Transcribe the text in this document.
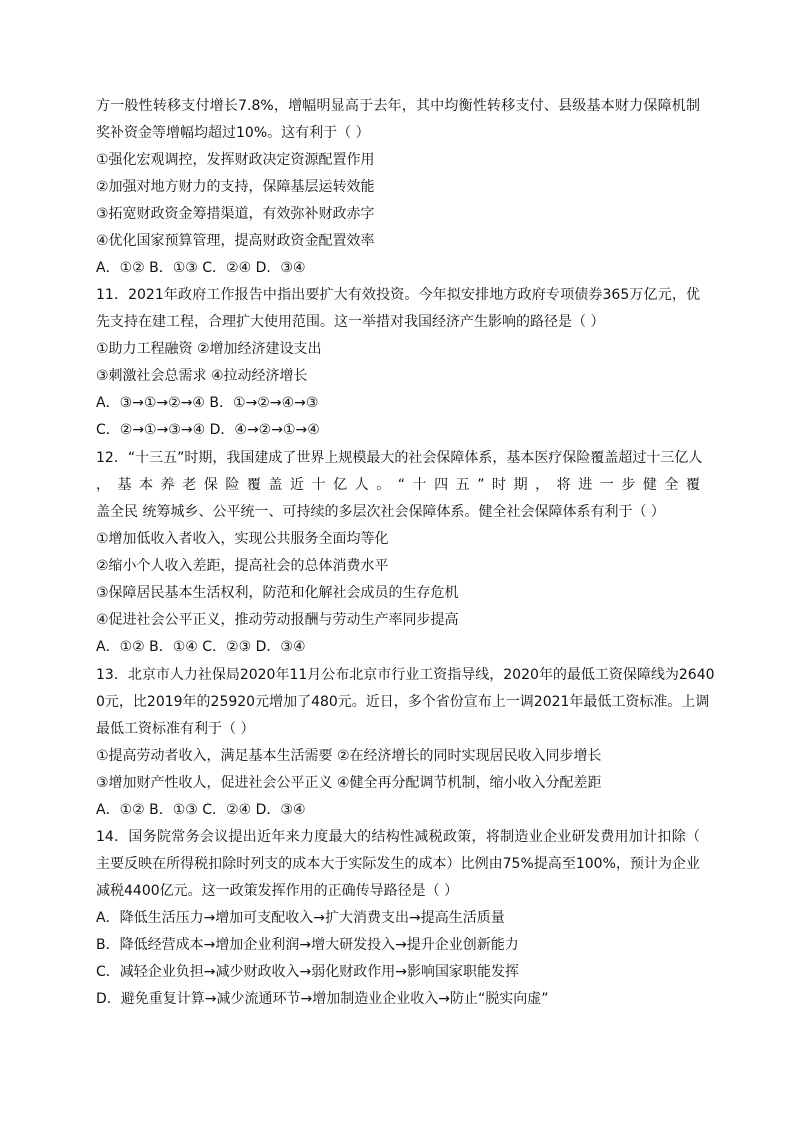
方一般性转移支付增长7.8%，增幅明显高于去年，其中均衡性转移支付、县级基本财力保障机制
奖补资金等增幅均超过10%。这有利于（ ）
①强化宏观调控，发挥财政决定资源配置作用
②加强对地方财力的支持，保障基层运转效能
③拓宽财政资金筹措渠道，有效弥补财政赤字
④优化国家预算管理，提高财政资金配置效率
A．①② B．①③ C．②④ D．③④
11．2021年政府工作报告中指出要扩大有效投资。今年拟安排地方政府专项债券365万亿元，优
先支持在建工程，合理扩大使用范围。这一举措对我国经济产生影响的路径是（ ）
①助力工程融资 ②增加经济建设支出
③刺激社会总需求 ④拉动经济增长
A．③→①→②→④ B．①→②→④→③
C．②→①→③→④ D．④→②→①→④
12．“十三五”时期，我国建成了世界上规模最大的社会保障体系，基本医疗保险覆盖超过十三亿人
，基本养老保险覆盖近十亿人。“十四五”时期，将进一步健全覆
盖全民 统筹城乡、公平统一、可持续的多层次社会保障体系。健全社会保障体系有利于（ ）
①增加低收入者收入，实现公共服务全面均等化
②缩小个人收入差距，提高社会的总体消费水平
③保障居民基本生活权利，防范和化解社会成员的生存危机
④促进社会公平正义，推动劳动报酬与劳动生产率同步提高
A．①② B．①④ C．②③ D．③④
13．北京市人力社保局2020年11月公布北京市行业工资指导线，2020年的最低工资保障线为2640
0元，比2019年的25920元增加了480元。近日，多个省份宣布上一调2021年最低工资标准。上调
最低工资标准有利于（ ）
①提高劳动者收入，满足基本生活需要 ②在经济增长的同时实现居民收入同步增长
③增加财产性收人，促进社会公平正义 ④健全再分配调节机制，缩小收入分配差距
A．①② B．①③ C．②④ D．③④
14．国务院常务会议提出近年来力度最大的结构性减税政策，将制造业企业研发费用加计扣除（
主要反映在所得税扣除时列支的成本大于实际发生的成本）比例由75%提高至100%，预计为企业
减税4400亿元。这一政策发挥作用的正确传导路径是（ ）
A．降低生活压力→增加可支配收入→扩大消费支出→提高生活质量
B．降低经营成本→增加企业利润→增大研发投入→提升企业创新能力
C．减轻企业负担→减少财政收入→弱化财政作用→影响国家职能发挥
D．避免重复计算→减少流通环节→增加制造业企业收入→防止“脱实向虚”
